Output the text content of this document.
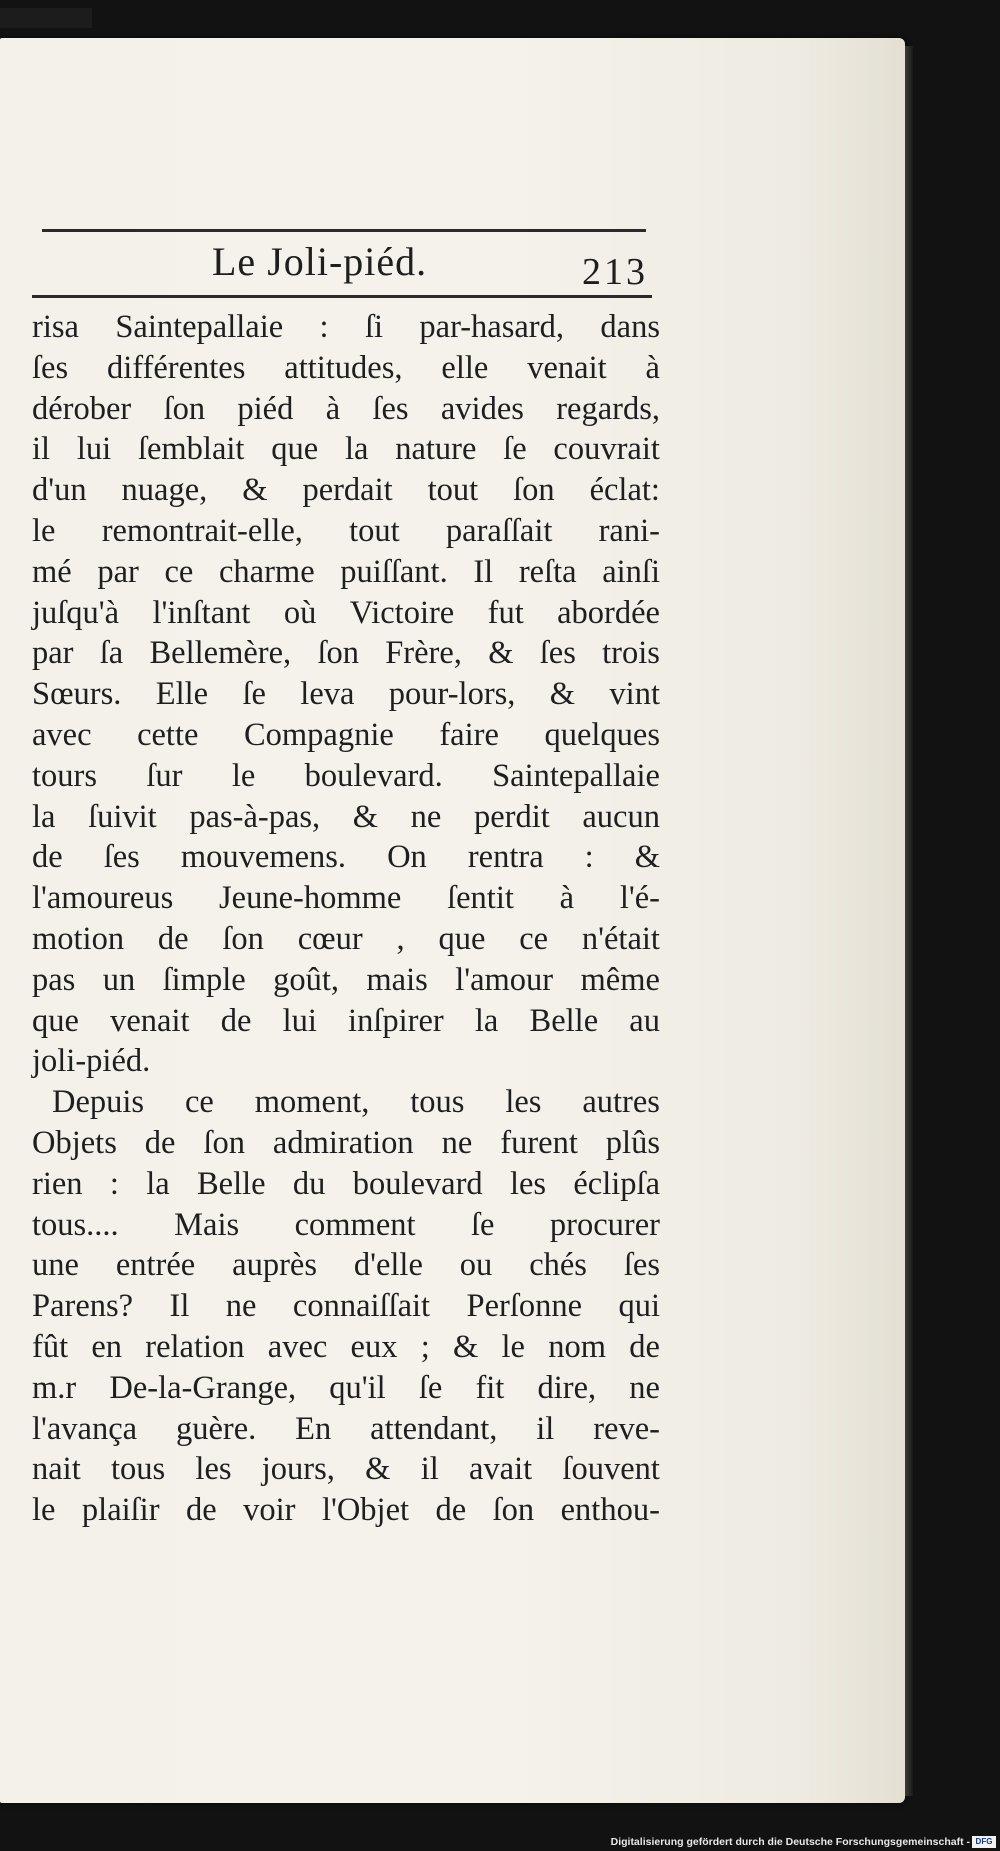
Le Joli-piéd.	213
risa Saintepallaie : ſi par-hasard, dans
ſes différentes attitudes, elle venait à
dérober ſon piéd à ſes avides regards,
il lui ſemblait que la nature ſe couvrait
d'un nuage, & perdait tout ſon éclat:
le remontrait-elle, tout paraſſait rani-
mé par ce charme puiſſant. Il reſta ainſi
juſqu'à l'inſtant où Victoire fut abordée
par ſa Bellemère, ſon Frère, & ſes trois
Sœurs. Elle ſe leva pour-lors, & vint
avec cette Compagnie faire quelques
tours ſur le boulevard. Saintepallaie
la ſuivit pas-à-pas, & ne perdit aucun
de ſes mouvemens. On rentra : &
l'amoureus Jeune-homme ſentit à l'é-
motion de ſon cœur , que ce n'était
pas un ſimple goût, mais l'amour même
que venait de lui inſpirer la Belle au
joli-piéd.
Depuis ce moment, tous les autres
Objets de ſon admiration ne furent plûs
rien : la Belle du boulevard les éclipſa
tous.... Mais comment ſe procurer
une entrée auprès d'elle ou chés ſes
Parens? Il ne connaiſſait Perſonne qui
fût en relation avec eux ; & le nom de
m.r De-la-Grange, qu'il ſe fit dire, ne
l'avança guère. En attendant, il reve-
nait tous les jours, & il avait ſouvent
le plaiſir de voir l'Objet de ſon enthou-
Digitalisierung gefördert durch die Deutsche Forschungsgemeinschaft - DFG
